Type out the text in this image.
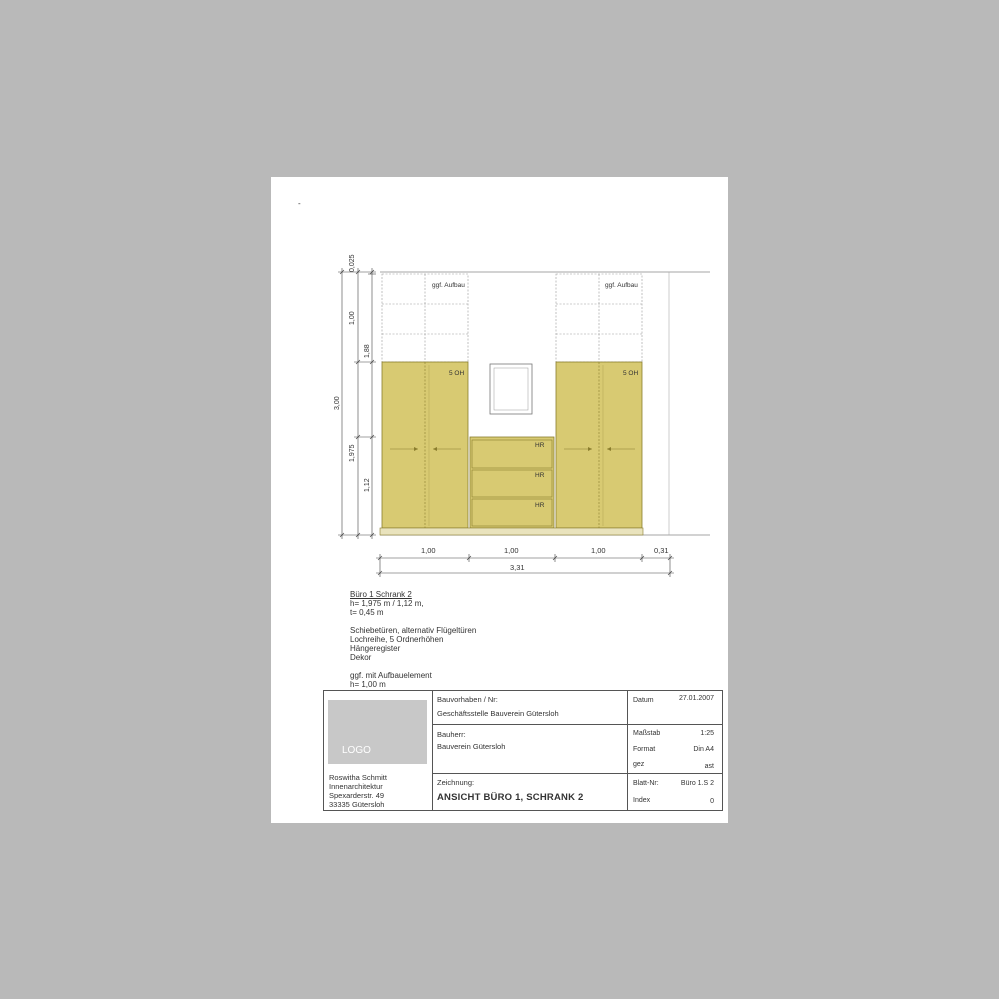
-
ggf. Aufbau	ggf. Aufbau
5 OH	5 OH
HR
HR
HR
0,025
1,00
1,88
3,00
1,975
1,12
1,00	1,00	1,00	0,31
3,31
Büro 1 Schrank 2
h= 1,975 m / 1,12 m,
t= 0,45 m
Schiebetüren, alternativ Flügeltüren
Lochreihe, 5 Ordnerhöhen
Hängeregister
Dekor
ggf. mit Aufbauelement
h= 1,00 m
LOGO
Roswitha Schmitt
Innenarchitektur
Spexarderstr. 49
33335 Gütersloh
Bauvorhaben / Nr:
Geschäftsstelle Bauverein Gütersloh
Bauherr:
Bauverein Gütersloh
Zeichnung:
ANSICHT BÜRO 1, SCHRANK 2
Datum	27.01.2007
Maßstab	1:25
Format	Din A4
gez	ast
Blatt-Nr:	Büro 1.S 2
Index	0
